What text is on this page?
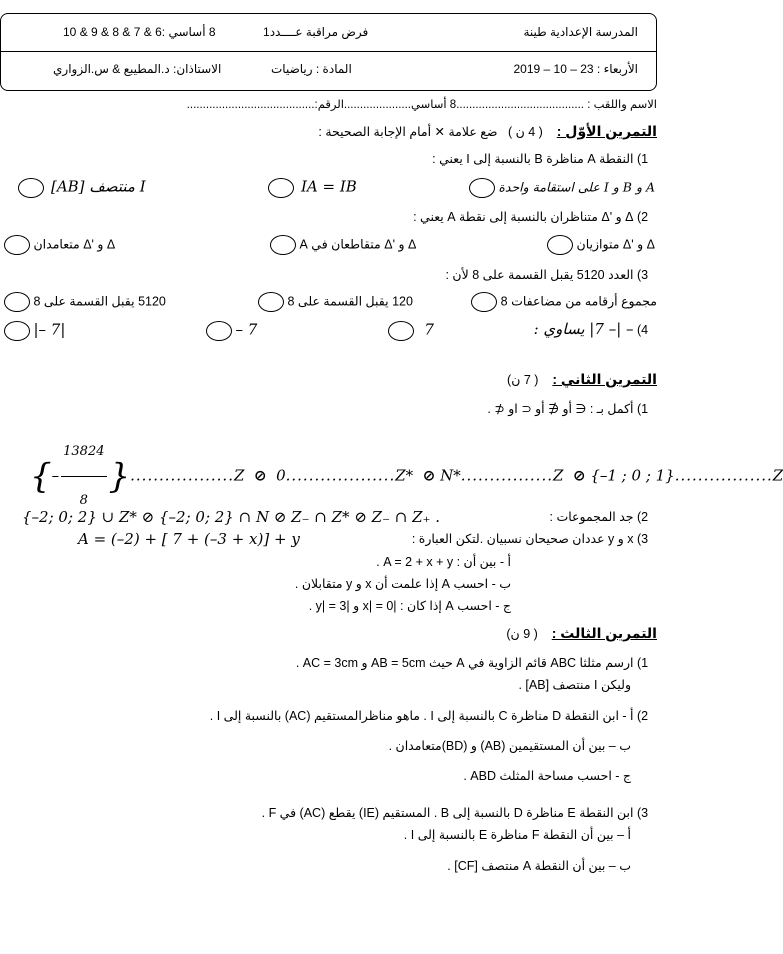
المدرسة الإعدادية طينة
فرض مراقبة عــــدد1
8 أساسي :6 & 7 & 8 & 9 & 10
الأربعاء : 23 – 10 – 2019
المادة : رياضيات
الاستاذان: د.المطيبع & س.الزواري
الاسم واللقب : ........................................8 أساسي.....................الرقم:........................................
التمرين الأوّل :    ( 4 ن )   ضع علامة ✕ أمام الإجابة الصحيحة :
1) النقطة A مناظرة B بالنسبة إلى I يعني :
A و B و I على استقامة واحدة
IA = IB
I منتصف [AB]
2) Δ و 'Δ متناظران بالنسبة إلى نقطة A يعني :
Δ و 'Δ متوازيان
Δ و 'Δ متقاطعان في A
Δ و 'Δ متعامدان
3) العدد 5120 يقبل القسمة على 8 لأن :
مجموع أرقامه من مضاعفات 8
120 يقبل القسمة على 8
5120 يقبل القسمة على 8
4) – |– 7| يساوي :
7
– 7
|– 7|
التمرين الثاني :    ( 7 ن)
1) أكمل بـ : ∈ أو ∉ أو ⊂ او ⊄ .
{– $\frac{13824}{8} \}..................Z$ ⊘ 0...................Z* ⊘ N*................Z ⊘ {–1 ; 0 ; 1}.................Z
2) جد المجموعات :
{–2; 0; 2} ∪ Z* ⊘ {–2; 0; 2} ∩ N ⊘ Z₋ ∩ Z* ⊘ Z₋ ∩ Z₊ .
3) x و y عددان صحيحان نسبيان .لتكن العبارة :
A = (–2) + [ 7 + (–3 + x)] + y
أ - بين أن : A = 2 + x + y .
ب - احسب A إذا علمت أن x و y متقابلان .
ج - احسب A إذا كان : |x| = 0 و |y| = 3 .
التمرين الثالث :    ( 9 ن)
1) ارسم مثلثا ABC قائم الزاوية في A حيث AB = 5cm و AC = 3cm .
وليكن I منتصف [AB] .
2) أ - ابن النقطة D مناظرة C بالنسبة إلى I . ماهو مناظرالمستقيم (AC) بالنسبة إلى I .
ب – بين أن المستقيمين (AB) و (BD)متعامدان .
ج - احسب مساحة المثلث ABD .
3) ابن النقطة E مناظرة D بالنسبة إلى B . المستقيم (IE) يقطع (AC) في F .
أ – بين أن النقطة F مناظرة E بالنسبة إلى I .
ب – بين أن النقطة A منتصف [CF] .
